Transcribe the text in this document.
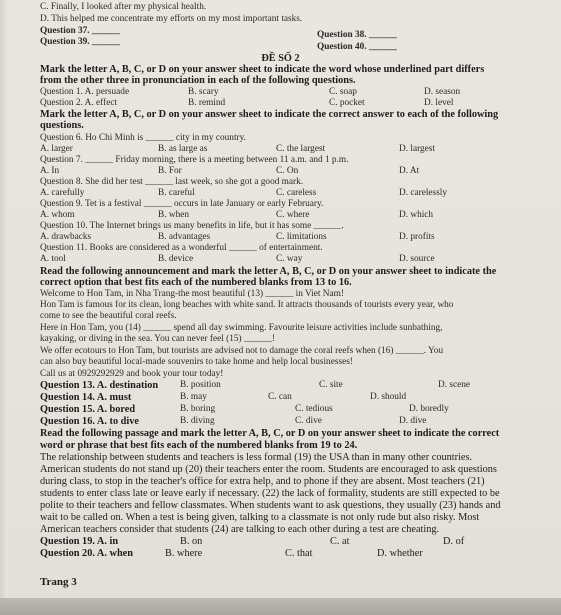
C. Finally, I looked after my physical health.
D. This helped me concentrate my efforts on my most important tasks.
Question 37. ______	Question 38. ______
Question 39. ______	Question 40. ______
ĐỀ SỐ 2
Mark the letter A, B, C, or D on your answer sheet to indicate the word whose underlined part differs
from the other three in pronunciation in each of the following questions.
Question 1. A. persuade	B. scary	C. soap	D. season
Question 2. A. effect	B. remind	C. pocket	D. level
Mark the letter A, B, C, or D on your answer sheet to indicate the correct answer to each of the following
questions.
Question 6. Ho Chi Minh is ______ city in my country.
A. larger	B. as large as	C. the largest	D. largest
Question 7. ______ Friday morning, there is a meeting between 11 a.m. and 1 p.m.
A. In	B. For	C. On	D. At
Question 8. She did her test ______ last week, so she got a good mark.
A. carefully	B. careful	C. careless	D. carelessly
Question 9. Tet is a festival ______ occurs in late January or early February.
A. whom	B. when	C. where	D. which
Question 10. The Internet brings us many benefits in life, but it has some ______.
A. drawbacks	B. advantages	C. limitations	D. profits
Question 11. Books are considered as a wonderful ______ of entertainment.
A. tool	B. device	C. way	D. source
Read the following announcement and mark the letter A, B, C, or D on your answer sheet to indicate the
correct option that best fits each of the numbered blanks from 13 to 16.
Welcome to Hon Tam, in Nha Trang-the most beautiful (13) ______ in Viet Nam!
Hon Tam is famous for its clean, long beaches with white sand. It attracts thousands of tourists every year, who
come to see the beautiful coral reefs.
Here in Hon Tam, you (14) ______ spend all day swimming. Favourite leisure activities include sunbathing,
kayaking, or diving in the sea. You can never feel (15) ______!
We offer ecotours to Hon Tam, but tourists are advised not to damage the coral reefs when (16) ______. You
can also buy beautiful local-made souvenirs to take home and help local businesses!
Call us at 0929292929 and book your tour today!
Question 13. A. destination B. position	C. site	D. scene
Question 14. A. must	B. may	C. can	D. should
Question 15. A. bored	B. boring	C. tedious	D. boredly
Question 16. A. to dive	B. diving	C. dive	D. dive
Read the following passage and mark the letter A, B, C, or D on your answer sheet to indicate the correct
word or phrase that best fits each of the numbered blanks from 19 to 24.
The relationship between students and teachers is less formal (19) the USA than in many other countries.
American students do not stand up (20) their teachers enter the room. Students are encouraged to ask questions
during class, to stop in the teacher's office for extra help, and to phone if they are absent. Most teachers (21)
students to enter class late or leave early if necessary. (22) the lack of formality, students are still expected to be
polite to their teachers and fellow classmates. When students want to ask questions, they usually (23) hands and
wait to be called on. When a test is being given, talking to a classmate is not only rude but also risky. Most
American teachers consider that students (24) are talking to each other during a test are cheating.
Question 19. A. in	B. on	C. at	D. of
Question 20. A. when	B. where	C. that	D. whether
Trang 3
